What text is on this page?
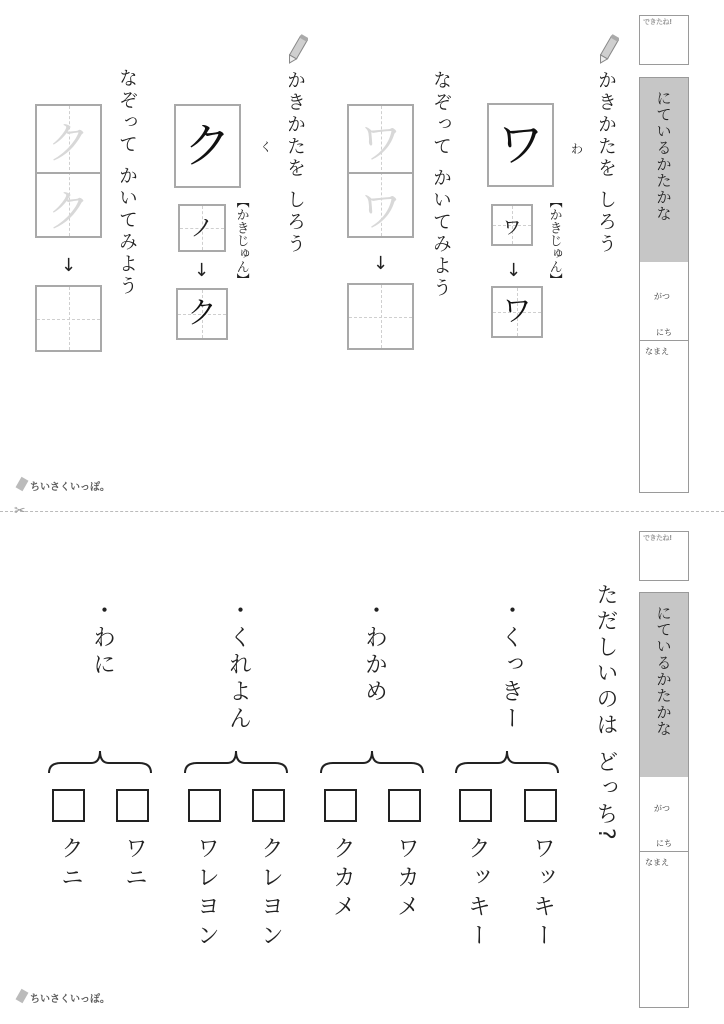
できたね!
にているかたかな
がつ
にち
なまえ
かきかたを しろう
ワ	わ
【かきじゅん】
ヮ
↓
ワ
なぞって かいてみよう
ワ
ワ
↓
かきかたを しろう
ク	く
【かきじゅん】
ノ
↓
ク
なぞって かいてみよう
ク
ク
↓
ちいさくいっぽ。
✂
できたね!
にているかたかな
がつ
にち
なまえ
ただしいのは どっち?
・くっきー
ワッキー
クッキー
・わかめ
ワカメ
クカメ
・くれよん
クレヨン
ワレヨン
・わに
ワニ
クニ
ちいさくいっぽ。
